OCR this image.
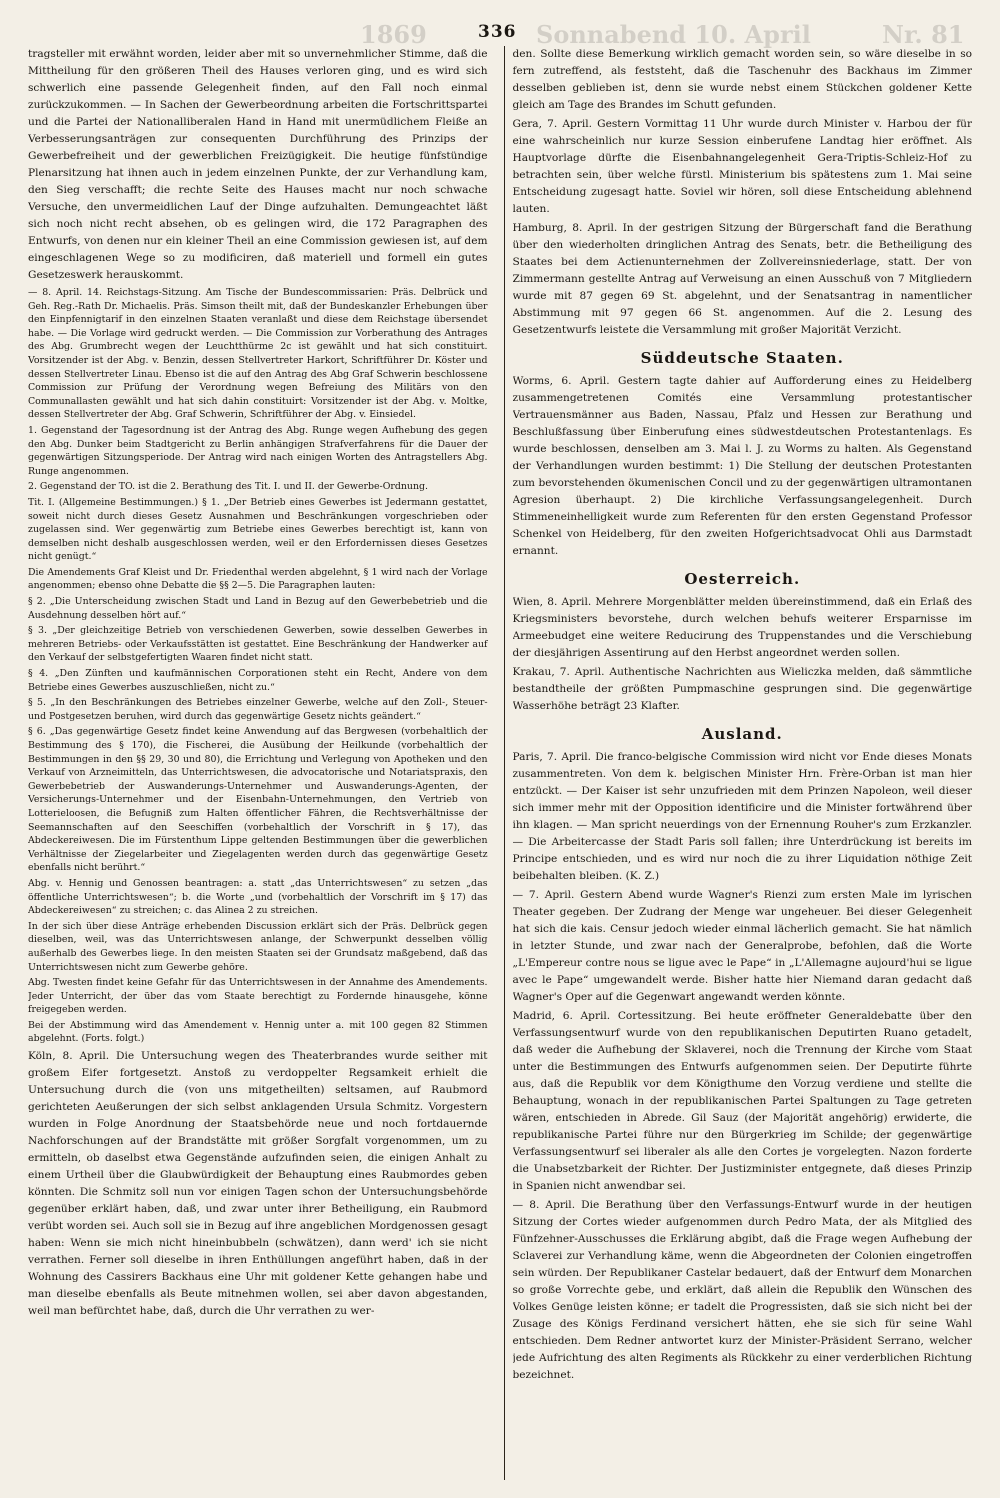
1869	336 Sonnabend 10. April	Nr. 81

tragsteller mit erwähnt worden, leider aber mit so unvernehmlicher Stimme, daß die Mittheilung für den größeren Theil des Hauses verloren ging, und es wird sich schwerlich eine passende Gelegenheit finden, auf den Fall noch einmal zurückzukommen. — In Sachen der Gewerbeordnung arbeiten die Fortschrittspartei und die Partei der Nationalliberalen Hand in Hand mit unermüdlichem Fleiße an Verbesserungsanträgen zur consequenten Durchführung des Prinzips der Gewerbefreiheit und der gewerblichen Freizügigkeit. Die heutige fünfstündige Plenarsitzung hat ihnen auch in jedem einzelnen Punkte, der zur Verhandlung kam, den Sieg verschafft; die rechte Seite des Hauses macht nur noch schwache Versuche, den unvermeidlichen Lauf der Dinge aufzuhalten. Demungeachtet läßt sich noch nicht recht absehen, ob es gelingen wird, die 172 Paragraphen des Entwurfs, von denen nur ein kleiner Theil an eine Commission gewiesen ist, auf dem eingeschlagenen Wege so zu modificiren, daß materiell und formell ein gutes Gesetzeswerk herauskommt.

— 8. April. 14. Reichstags-Sitzung. Am Tische der Bundescommissarien: Präs. Delbrück und Geh. Reg.-Rath Dr. Michaelis. Präs. Simson theilt mit, daß der Bundeskanzler Erhebungen über den Einpfennigtarif in den einzelnen Staaten veranlaßt und diese dem Reichstage übersendet habe. — Die Vorlage wird gedruckt werden. — Die Commission zur Vorberathung des Antrages des Abg. Grumbrecht wegen der Leuchtthürme 2c ist gewählt und hat sich constituirt. Vorsitzender ist der Abg. v. Benzin, dessen Stellvertreter Harkort, Schriftführer Dr. Köster und dessen Stellvertreter Linau. Ebenso ist die auf den Antrag des Abg Graf Schwerin beschlossene Commission zur Prüfung der Verordnung wegen Befreiung des Militärs von den Communallasten gewählt und hat sich dahin constituirt: Vorsitzender ist der Abg. v. Moltke, dessen Stellvertreter der Abg. Graf Schwerin, Schriftführer der Abg. v. Einsiedel.

1. Gegenstand der Tagesordnung ist der Antrag des Abg. Runge wegen Aufhebung des gegen den Abg. Dunker beim Stadtgericht zu Berlin anhängigen Strafverfahrens für die Dauer der gegenwärtigen Sitzungsperiode. Der Antrag wird nach einigen Worten des Antragstellers Abg. Runge angenommen.

2. Gegenstand der TO. ist die 2. Berathung des Tit. I. und II. der Gewerbe-Ordnung.

Tit. I. (Allgemeine Bestimmungen.) § 1. „Der Betrieb eines Gewerbes ist Jedermann gestattet, soweit nicht durch dieses Gesetz Ausnahmen und Beschränkungen vorgeschrieben oder zugelassen sind. Wer gegenwärtig zum Betriebe eines Gewerbes berechtigt ist, kann von demselben nicht deshalb ausgeschlossen werden, weil er den Erfordernissen dieses Gesetzes nicht genügt.“

Die Amendements Graf Kleist und Dr. Friedenthal werden abgelehnt, § 1 wird nach der Vorlage angenommen; ebenso ohne Debatte die §§ 2—5. Die Paragraphen lauten:

§ 2. „Die Unterscheidung zwischen Stadt und Land in Bezug auf den Gewerbebetrieb und die Ausdehnung desselben hört auf.“

§ 3. „Der gleichzeitige Betrieb von verschiedenen Gewerben, sowie desselben Gewerbes in mehreren Betriebs- oder Verkaufsstätten ist gestattet. Eine Beschränkung der Handwerker auf den Verkauf der selbstgefertigten Waaren findet nicht statt.

§ 4. „Den Zünften und kaufmännischen Corporationen steht ein Recht, Andere von dem Betriebe eines Gewerbes auszuschließen, nicht zu.“

§ 5. „In den Beschränkungen des Betriebes einzelner Gewerbe, welche auf den Zoll-, Steuer- und Postgesetzen beruhen, wird durch das gegenwärtige Gesetz nichts geändert.“

§ 6. „Das gegenwärtige Gesetz findet keine Anwendung auf das Bergwesen (vorbehaltlich der Bestimmung des § 170), die Fischerei, die Ausübung der Heilkunde (vorbehaltlich der Bestimmungen in den §§ 29, 30 und 80), die Errichtung und Verlegung von Apotheken und den Verkauf von Arzneimitteln, das Unterrichtswesen, die advocatorische und Notariatspraxis, den Gewerbebetrieb der Auswanderungs-Unternehmer und Auswanderungs-Agenten, der Versicherungs-Unternehmer und der Eisenbahn-Unternehmungen, den Vertrieb von Lotterieloosen, die Befugniß zum Halten öffentlicher Fähren, die Rechtsverhältnisse der Seemannschaften auf den Seeschiffen (vorbehaltlich der Vorschrift in § 17), das Abdeckereiwesen. Die im Fürstenthum Lippe geltenden Bestimmungen über die gewerblichen Verhältnisse der Ziegelarbeiter und Ziegelagenten werden durch das gegenwärtige Gesetz ebenfalls nicht berührt.“

Abg. v. Hennig und Genossen beantragen: a. statt „das Unterrichtswesen“ zu setzen „das öffentliche Unterrichtswesen“; b. die Worte „und (vorbehaltlich der Vorschrift im § 17) das Abdeckereiwesen“ zu streichen; c. das Alinea 2 zu streichen.

In der sich über diese Anträge erhebenden Discussion erklärt sich der Präs. Delbrück gegen dieselben, weil, was das Unterrichtswesen anlange, der Schwerpunkt desselben völlig außerhalb des Gewerbes liege. In den meisten Staaten sei der Grundsatz maßgebend, daß das Unterrichtswesen nicht zum Gewerbe gehöre.

Abg. Twesten findet keine Gefahr für das Unterrichtswesen in der Annahme des Amendements. Jeder Unterricht, der über das vom Staate berechtigt zu Fordernde hinausgehe, könne freigegeben werden.

Bei der Abstimmung wird das Amendement v. Hennig unter a. mit 100 gegen 82 Stimmen abgelehnt. (Forts. folgt.)

Köln, 8. April. Die Untersuchung wegen des Theaterbrandes wurde seither mit großem Eifer fortgesetzt. Anstoß zu verdoppelter Regsamkeit erhielt die Untersuchung durch die (von uns mitgetheilten) seltsamen, auf Raubmord gerichteten Aeußerungen der sich selbst anklagenden Ursula Schmitz. Vorgestern wurden in Folge Anordnung der Staatsbehörde neue und noch fortdauernde Nachforschungen auf der Brandstätte mit größer Sorgfalt vorgenommen, um zu ermitteln, ob daselbst etwa Gegenstände aufzufinden seien, die einigen Anhalt zu einem Urtheil über die Glaubwürdigkeit der Behauptung eines Raubmordes geben könnten. Die Schmitz soll nun vor einigen Tagen schon der Untersuchungsbehörde gegenüber erklärt haben, daß, und zwar unter ihrer Betheiligung, ein Raubmord verübt worden sei. Auch soll sie in Bezug auf ihre angeblichen Mordgenossen gesagt haben: Wenn sie mich nicht hineinbubbeln (schwätzen), dann werd' ich sie nicht verrathen. Ferner soll dieselbe in ihren Enthüllungen angeführt haben, daß in der Wohnung des Cassirers Backhaus eine Uhr mit goldener Kette gehangen habe und man dieselbe ebenfalls als Beute mitnehmen wollen, sei aber davon abgestanden, weil man befürchtet habe, daß, durch die Uhr verrathen zu wer-

den. Sollte diese Bemerkung wirklich gemacht worden sein, so wäre dieselbe in so fern zutreffend, als feststeht, daß die Taschenuhr des Backhaus im Zimmer desselben geblieben ist, denn sie wurde nebst einem Stückchen goldener Kette gleich am Tage des Brandes im Schutt gefunden.

Gera, 7. April. Gestern Vormittag 11 Uhr wurde durch Minister v. Harbou der für eine wahrscheinlich nur kurze Session einberufene Landtag hier eröffnet. Als Hauptvorlage dürfte die Eisenbahnangelegenheit Gera-Triptis-Schleiz-Hof zu betrachten sein, über welche fürstl. Ministerium bis spätestens zum 1. Mai seine Entscheidung zugesagt hatte. Soviel wir hören, soll diese Entscheidung ablehnend lauten.

Hamburg, 8. April. In der gestrigen Sitzung der Bürgerschaft fand die Berathung über den wiederholten dringlichen Antrag des Senats, betr. die Betheiligung des Staates bei dem Actienunternehmen der Zollvereinsniederlage, statt. Der von Zimmermann gestellte Antrag auf Verweisung an einen Ausschuß von 7 Mitgliedern wurde mit 87 gegen 69 St. abgelehnt, und der Senatsantrag in namentlicher Abstimmung mit 97 gegen 66 St. angenommen. Auf die 2. Lesung des Gesetzentwurfs leistete die Versammlung mit großer Majorität Verzicht.

Süddeutsche Staaten.

Worms, 6. April. Gestern tagte dahier auf Aufforderung eines zu Heidelberg zusammengetretenen Comités eine Versammlung protestantischer Vertrauensmänner aus Baden, Nassau, Pfalz und Hessen zur Berathung und Beschlußfassung über Einberufung eines südwestdeutschen Protestantenlags. Es wurde beschlossen, denselben am 3. Mai l. J. zu Worms zu halten. Als Gegenstand der Verhandlungen wurden bestimmt: 1) Die Stellung der deutschen Protestanten zum bevorstehenden ökumenischen Concil und zu der gegenwärtigen ultramontanen Agresion überhaupt. 2) Die kirchliche Verfassungsangelegenheit. Durch Stimmeneinhelligkeit wurde zum Referenten für den ersten Gegenstand Professor Schenkel von Heidelberg, für den zweiten Hofgerichtsadvocat Ohli aus Darmstadt ernannt.

Oesterreich.

Wien, 8. April. Mehrere Morgenblätter melden übereinstimmend, daß ein Erlaß des Kriegsministers bevorstehe, durch welchen behufs weiterer Ersparnisse im Armeebudget eine weitere Reducirung des Truppenstandes und die Verschiebung der diesjährigen Assentirung auf den Herbst angeordnet werden sollen.

Krakau, 7. April. Authentische Nachrichten aus Wieliczka melden, daß sämmtliche bestandtheile der größten Pumpmaschine gesprungen sind. Die gegenwärtige Wasserhöhe beträgt 23 Klafter.

Ausland.

Paris, 7. April. Die franco-belgische Commission wird nicht vor Ende dieses Monats zusammentreten. Von dem k. belgischen Minister Hrn. Frère-Orban ist man hier entzückt. — Der Kaiser ist sehr unzufrieden mit dem Prinzen Napoleon, weil dieser sich immer mehr mit der Opposition identificire und die Minister fortwährend über ihn klagen. — Man spricht neuerdings von der Ernennung Rouher's zum Erzkanzler. — Die Arbeitercasse der Stadt Paris soll fallen; ihre Unterdrückung ist bereits im Principe entschieden, und es wird nur noch die zu ihrer Liquidation nöthige Zeit beibehalten bleiben. (K. Z.)

— 7. April. Gestern Abend wurde Wagner's Rienzi zum ersten Male im lyrischen Theater gegeben. Der Zudrang der Menge war ungeheuer. Bei dieser Gelegenheit hat sich die kais. Censur jedoch wieder einmal lächerlich gemacht. Sie hat nämlich in letzter Stunde, und zwar nach der Generalprobe, befohlen, daß die Worte „L'Empereur contre nous se ligue avec le Pape“ in „L'Allemagne aujourd'hui se ligue avec le Pape“ umgewandelt werde. Bisher hatte hier Niemand daran gedacht daß Wagner's Oper auf die Gegenwart angewandt werden könnte.

Madrid, 6. April. Cortessitzung. Bei heute eröffneter Generaldebatte über den Verfassungsentwurf wurde von den republikanischen Deputirten Ruano getadelt, daß weder die Aufhebung der Sklaverei, noch die Trennung der Kirche vom Staat unter die Bestimmungen des Entwurfs aufgenommen seien. Der Deputirte führte aus, daß die Republik vor dem Königthume den Vorzug verdiene und stellte die Behauptung, wonach in der republikanischen Partei Spaltungen zu Tage getreten wären, entschieden in Abrede. Gil Sauz (der Majorität angehörig) erwiderte, die republikanische Partei führe nur den Bürgerkrieg im Schilde; der gegenwärtige Verfassungsentwurf sei liberaler als alle den Cortes je vorgelegten. Nazon forderte die Unabsetzbarkeit der Richter. Der Justizminister entgegnete, daß dieses Prinzip in Spanien nicht anwendbar sei.

— 8. April. Die Berathung über den Verfassungs-Entwurf wurde in der heutigen Sitzung der Cortes wieder aufgenommen durch Pedro Mata, der als Mitglied des Fünfzehner-Ausschusses die Erklärung abgibt, daß die Frage wegen Aufhebung der Sclaverei zur Verhandlung käme, wenn die Abgeordneten der Colonien eingetroffen sein würden. Der Republikaner Castelar bedauert, daß der Entwurf dem Monarchen so große Vorrechte gebe, und erklärt, daß allein die Republik den Wünschen des Volkes Genüge leisten könne; er tadelt die Progressisten, daß sie sich nicht bei der Zusage des Königs Ferdinand versichert hätten, ehe sie sich für seine Wahl entschieden. Dem Redner antwortet kurz der Minister-Präsident Serrano, welcher jede Aufrichtung des alten Regiments als Rückkehr zu einer verderblichen Richtung bezeichnet.
